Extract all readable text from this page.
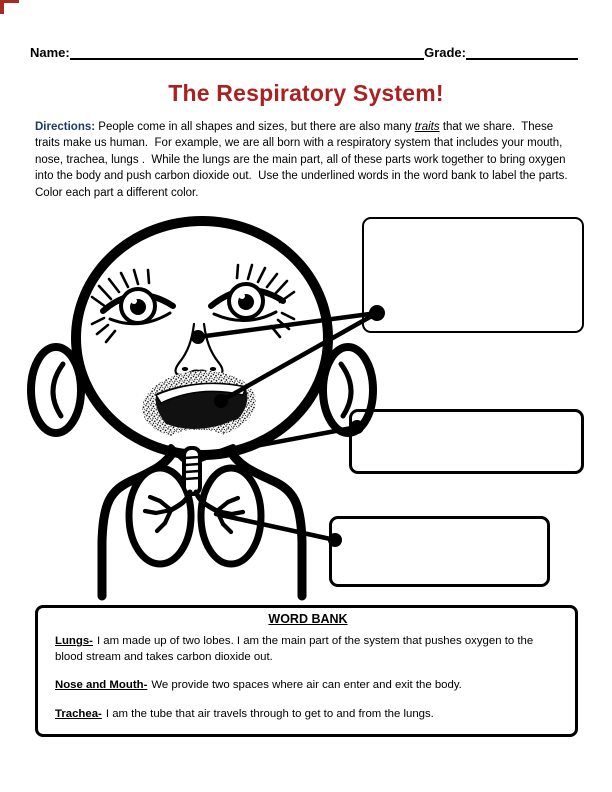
Name:	Grade:
The Respiratory System!
Directions: People come in all shapes and sizes, but there are also many traits that we share.  These traits make us human.  For example, we are all born with a respiratory system that includes your mouth, nose, trachea, lungs .  While the lungs are the main part, all of these parts work together to bring oxygen into the body and push carbon dioxide out.  Use the underlined words in the word bank to label the parts.  Color each part a different color.
WORD BANK
Lungs- I am made up of two lobes. I am the main part of the system that pushes oxygen to the blood stream and takes carbon dioxide out.
Nose and Mouth- We provide two spaces where air can enter and exit the body.
Trachea- I am the tube that air travels through to get to and from the lungs.
